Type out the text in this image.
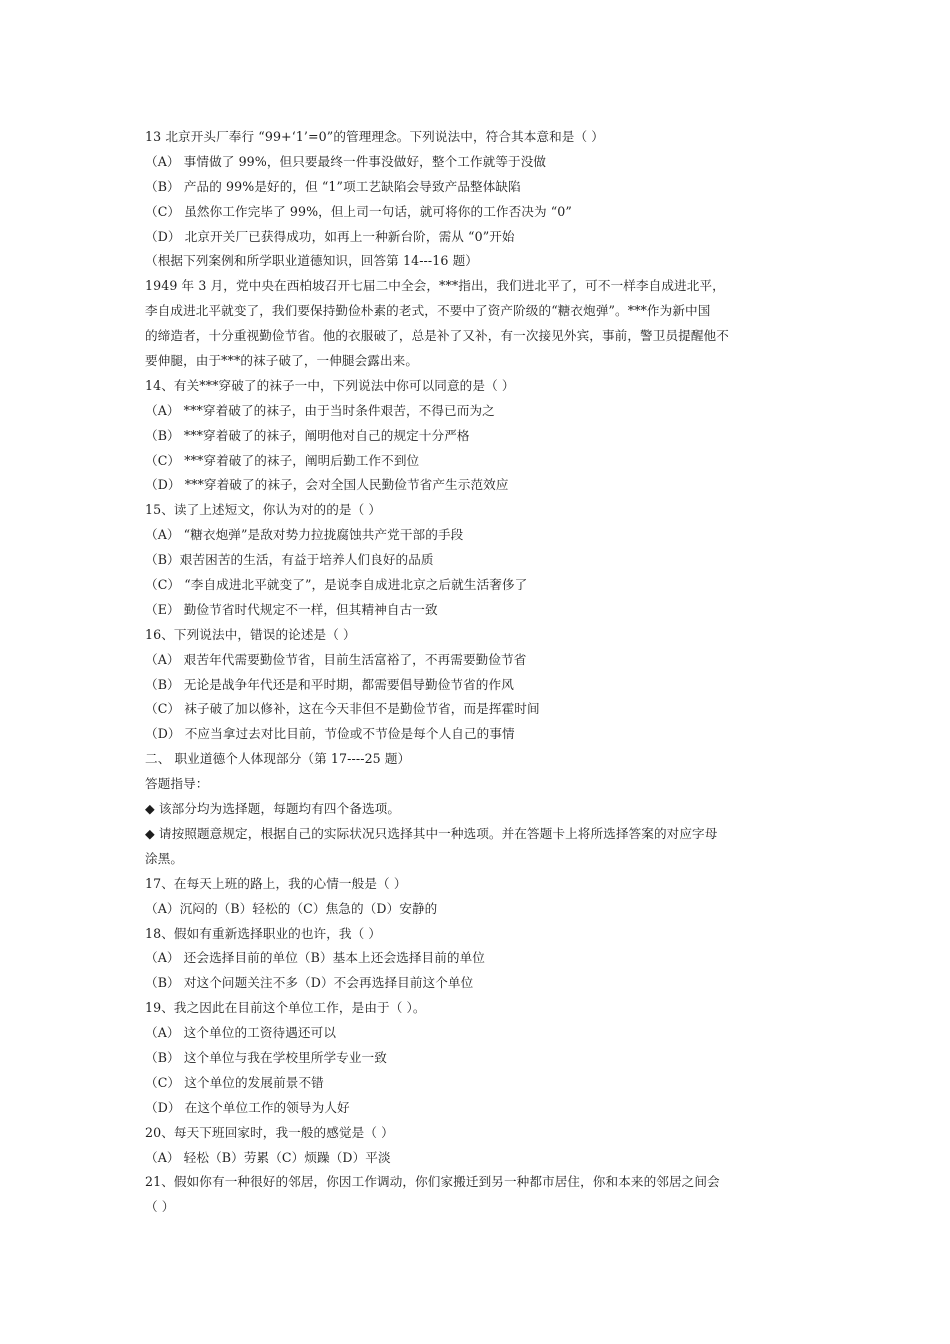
13 北京开头厂奉行 “99+‘1’=0”的管理理念。下列说法中，符合其本意和是（ ）
（A） 事情做了 99%，但只要最终一件事没做好，整个工作就等于没做
（B） 产品的 99%是好的，但 “1”项工艺缺陷会导致产品整体缺陷
（C） 虽然你工作完毕了 99%，但上司一句话，就可将你的工作否决为 “0”
（D） 北京开关厂已获得成功，如再上一种新台阶，需从 “0”开始
（根据下列案例和所学职业道德知识，回答第 14---16 题）
1949 年 3 月，党中央在西柏坡召开七届二中全会，***指出，我们进北平了，可不一样李自成进北平，
李自成进北平就变了，我们要保持勤俭朴素的老式，不要中了资产阶级的“糖衣炮弹”。***作为新中国
的缔造者，十分重视勤俭节省。他的衣服破了，总是补了又补，有一次接见外宾，事前，警卫员提醒他不
要伸腿，由于***的袜子破了，一伸腿会露出来。
14、有关***穿破了的袜子一中，下列说法中你可以同意的是（ ）
（A） ***穿着破了的袜子，由于当时条件艰苦，不得已而为之
（B） ***穿着破了的袜子，阐明他对自己的规定十分严格
（C） ***穿着破了的袜子，阐明后勤工作不到位
（D） ***穿着破了的袜子，会对全国人民勤俭节省产生示范效应
15、读了上述短文，你认为对的的是（ ）
（A） “糖衣炮弹”是敌对势力拉拢腐蚀共产党干部的手段
（B）艰苦困苦的生活，有益于培养人们良好的品质
（C） “李自成进北平就变了”，是说李自成进北京之后就生活奢侈了
（E） 勤俭节省时代规定不一样，但其精神自古一致
16、下列说法中，错误的论述是（ ）
（A） 艰苦年代需要勤俭节省，目前生活富裕了，不再需要勤俭节省
（B） 无论是战争年代还是和平时期，都需要倡导勤俭节省的作风
（C） 袜子破了加以修补，这在今天非但不是勤俭节省，而是挥霍时间
（D） 不应当拿过去对比目前，节俭或不节俭是每个人自己的事情
二、 职业道德个人体现部分（第 17----25 题）
答题指导：
◆ 该部分均为选择题，每题均有四个备选项。
◆ 请按照题意规定，根据自己的实际状况只选择其中一种选项。并在答题卡上将所选择答案的对应字母
涂黑。
17、在每天上班的路上，我的心情一般是（ ）
（A）沉闷的（B）轻松的（C）焦急的（D）安静的
18、假如有重新选择职业的也许，我（ ）
（A） 还会选择目前的单位（B）基本上还会选择目前的单位
（B） 对这个问题关注不多（D）不会再选择目前这个单位
19、我之因此在目前这个单位工作，是由于（ ）。
（A） 这个单位的工资待遇还可以
（B） 这个单位与我在学校里所学专业一致
（C） 这个单位的发展前景不错
（D） 在这个单位工作的领导为人好
20、每天下班回家时，我一般的感觉是（ ）
（A） 轻松（B）劳累（C）烦躁（D）平淡
21、假如你有一种很好的邻居，你因工作调动，你们家搬迁到另一种都市居住，你和本来的邻居之间会
（ ）
